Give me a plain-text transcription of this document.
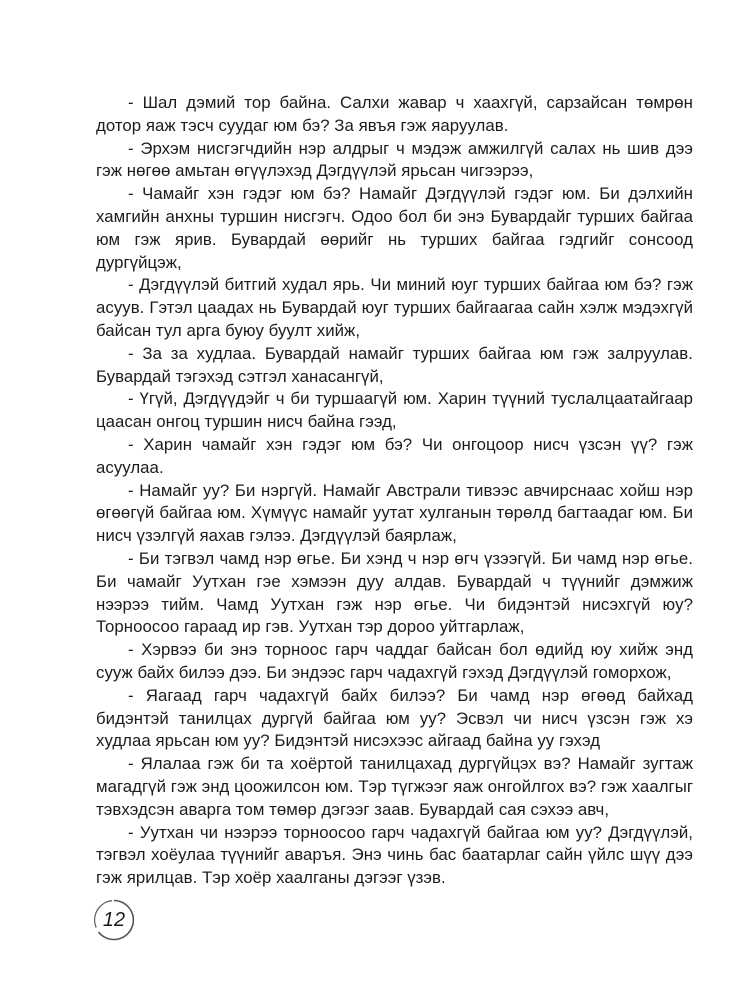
- Шал дэмий тор байна. Салхи жавар ч хаахгүй, сарзайсан төмрөн дотор яаж тэсч суудаг юм бэ? За явъя гэж яаруулав.

- Эрхэм нисгэгчдийн нэр алдрыг ч мэдэж амжилгүй салах нь шив дээ гэж нөгөө амьтан өгүүлэхэд Дэгдүүлэй ярьсан чигээрээ,

- Чамайг хэн гэдэг юм бэ? Намайг Дэгдүүлэй гэдэг юм. Би дэлхийн хамгийн анхны туршин нисгэгч. Одоо бол би энэ Бувардайг турших байгаа юм гэж ярив. Бувардай өөрийг нь турших байгаа гэдгийг сонсоод дургүйцэж,

- Дэгдүүлэй битгий худал ярь. Чи миний юуг турших байгаа юм бэ? гэж асуув. Гэтэл цаадах нь Бувардай юуг турших байгаагаа сайн хэлж мэдэхгүй байсан тул арга буюу буулт хийж,

- За за худлаа. Бувардай намайг турших байгаа юм гэж залруулав. Бувардай тэгэхэд сэтгэл ханасангүй,

- Үгүй, Дэгдүүдэйг ч би туршаагүй юм. Харин түүний туслалцаатайгаар цаасан онгоц туршин нисч байна гээд,

- Харин чамайг хэн гэдэг юм бэ? Чи онгоцоор нисч үзсэн үү? гэж асуулаа.

- Намайг уу? Би нэргүй. Намайг Австрали тивээс авчирснаас хойш нэр өгөөгүй байгаа юм. Хүмүүс намайг уутат хулганын төрөлд багтаадаг юм. Би нисч үзэлгүй яахав гэлээ. Дэгдүүлэй баярлаж,

- Би тэгвэл чамд нэр өгье. Би хэнд ч нэр өгч үзээгүй. Би чамд нэр өгье. Би чамайг Уутхан гэе хэмээн дуу алдав. Бувардай ч түүнийг дэмжиж нээрээ тийм. Чамд Уутхан гэж нэр өгье. Чи бидэнтэй нисэхгүй юу? Торноосоо гараад ир гэв. Уутхан тэр дороо уйтгарлаж,

- Хэрвээ би энэ торноос гарч чаддаг байсан бол өдийд юу хийж энд сууж байх билээ дээ. Би эндээс гарч чадахгүй гэхэд Дэгдүүлэй гоморхож,

- Яагаад гарч чадахгүй байх билээ? Би чамд нэр өгөөд байхад бидэнтэй танилцах дургүй байгаа юм уу? Эсвэл чи нисч үзсэн гэж хэ худлаа ярьсан юм уу? Бидэнтэй нисэхээс айгаад байна уу гэхэд

- Ялалаа гэж би та хоёртой танилцахад дургүйцэх вэ? Намайг зугтаж магадгүй гэж энд цоожилсон юм. Тэр түгжээг яаж онгойлгох вэ? гэж хаалгыг тэвхэдсэн аварга том төмөр дэгээг заав. Бувардай сая сэхээ авч,

- Уутхан чи нээрээ торноосоо гарч чадахгүй байгаа юм уу? Дэгдүүлэй, тэгвэл хоёулаа түүнийг аваръя. Энэ чинь бас баатарлаг сайн үйлс шүү дээ гэж ярилцав. Тэр хоёр хаалганы дэгээг үзэв.

12
